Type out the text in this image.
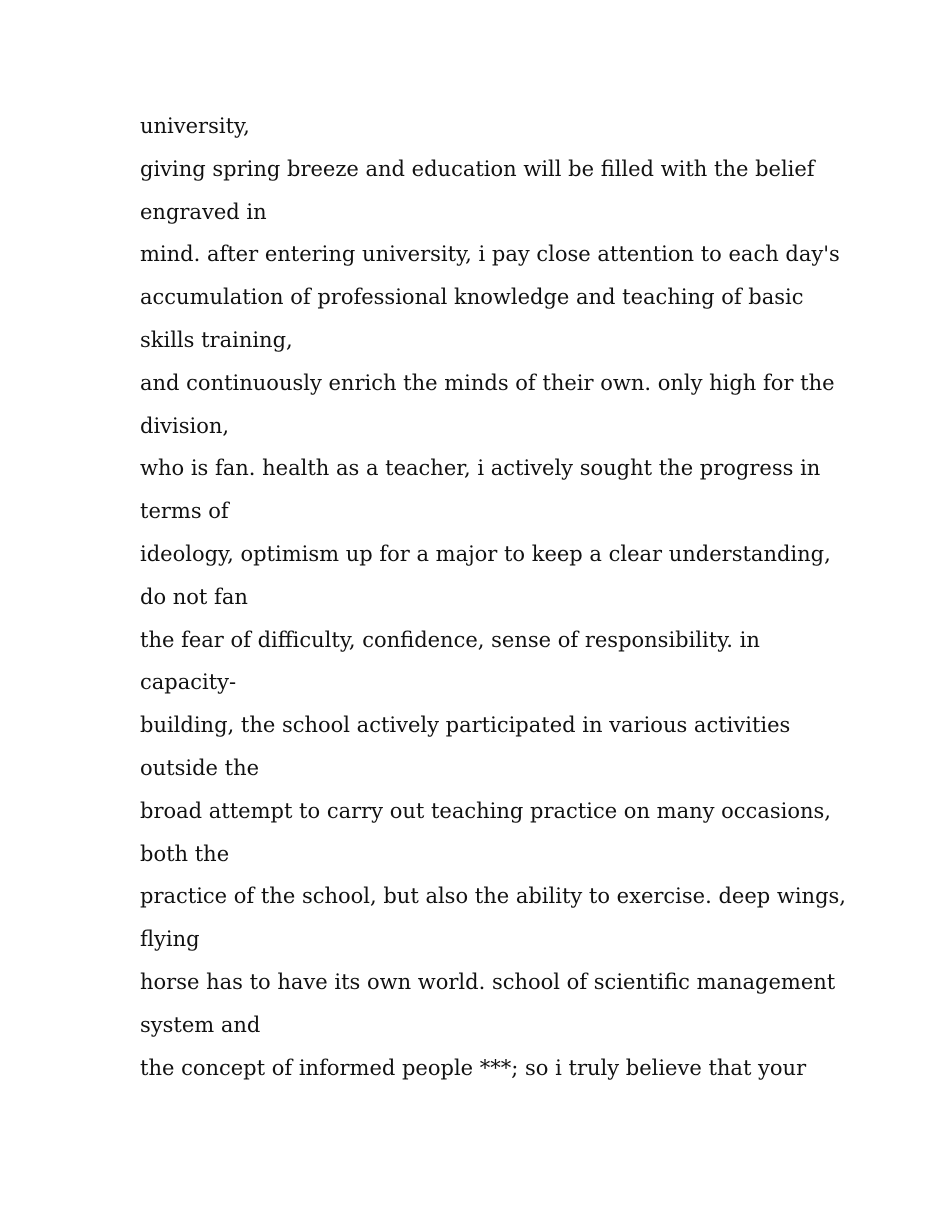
university,

giving spring breeze and education will be filled with the belief

engraved in

mind. after entering university, i pay close attention to each day's

accumulation of professional knowledge and teaching of basic

skills training,

and continuously enrich the minds of their own. only high for the

division,

who is fan. health as a teacher, i actively sought the progress in

terms of

ideology, optimism up for a major to keep a clear understanding,

do not fan

the fear of difficulty, confidence, sense of responsibility. in

capacity-

building, the school actively participated in various activities

outside the

broad attempt to carry out teaching practice on many occasions,

both the

practice of the school, but also the ability to exercise. deep wings,

flying

horse has to have its own world. school of scientific management

system and

the concept of informed people ***; so i truly believe that your
